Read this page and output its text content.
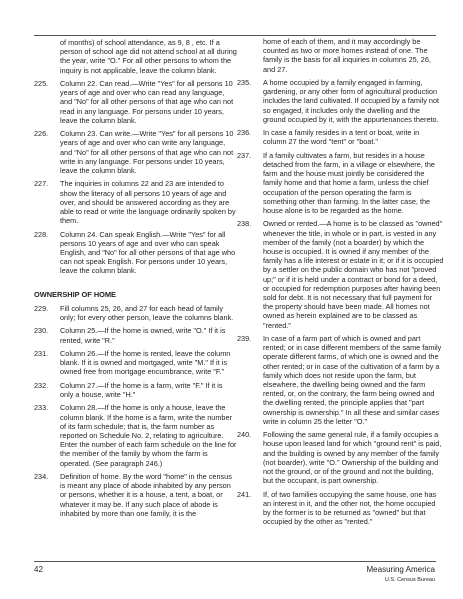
of months) of school attendance, as 9, 8 , etc. If a person of school age did not attend school at all during the year, write "O." For all other persons to whom the inquiry is not applicable, leave the column blank.

225. Column 22. Can read.—Write "Yes" for all persons 10 years of age and over who can read any language, and "No" for all other persons of that age who can not read in any language. For persons under 10 years, leave the column blank.
226. Column 23. Can write.—Write "Yes" for all persons 10 years of age and over who can write any language, and "No" for all other persons of that age who can not write in any language. For persons under 10 years, leave the column blank.
227. The inquiries in columns 22 and 23 are intended to show the literacy of all persons 10 years of age and over, and should be answered according as they are able to read or write the language ordinarily spoken by them.
228. Column 24. Can speak English.—Write "Yes" for all persons 10 years of age and over who can speak English, and "No" for all other persons of that age who can not speak English. For persons under 10 years, leave the column blank.
OWNERSHIP OF HOME
229. Fill columns 25, 26, and 27 for each head of family only; for every other person, leave the columns blank.
230. Column 25.—If the home is owned, write "O." If it is rented, write "R."
231. Column 26.—If the home is rented, leave the column blank. If it is owned and mortgaged, write "M." If it is owned free from mortgage encumbrance, write "F."
232. Column 27.—If the home is a farm, write "F." If it is only a house, write "H."
233. Column 28.—If the home is only a house, leave the column blank. If the home is a farm, write the number of its farm schedule; that is, the farm number as reported on Schedule No. 2, relating to agriculture. Enter the number of each farm schedule on the line for the member of the family by whom the farm is operated. (See paragraph 246.)
234. Definition of home. By the word "home" in the census is meant any place of abode inhabited by any person or persons, whether it is a house, a tent, a boat, or whatever it may be. If any such place of abode is inhabited by more than one family, it is the

home of each of them, and it may accordingly be counted as two or more homes instead of one. The family is the basis for all inquiries in columns 25, 26, and 27.

235. A home occupied by a family engaged in farming, gardening, or any other form of agricultural production includes the land cultivated. If occupied by a family not so engaged, it includes only the dwelling and the ground occupied by it, with the appurtenances thereto.
236. In case a family resides in a tent or boat, write in column 27 the word "tent" or "boat."
237. If a family cultivates a farm, but resides in a house detached from the farm, in a village or elsewhere, the farm and the house must jointly be considered the family home and that home a farm, unless the chief occupation of the person operating the farm is something other than farming. In the latter case, the house alone is to be regarded as the home.
238. Owned or rented.—A home is to be classed as "owned" whenever the title, in whole or in part, is vested in any member of the family (not a boarder) by which the house is occupied. It is owned if any member of the family has a life interest or estate in it; or if it is occupied by a settler on the public domain who has not "proved up;" or if it is held under a contract or bond for a deed, or occupied for redemption purposes after having been sold for debt. It is not necessary that full payment for the property should have been made. All homes not owned as herein explained are to be classed as "rented."
239. In case of a farm part of which is owned and part rented; or in case different members of the same family operate different farms, of which one is owned and the other rented; or in case of the cultivation of a farm by a family which does not reside upon the farm, but elsewhere, the dwelling being owned and the farm rented, or, on the contrary, the farm being owned and the dwelling rented, the principle applies that "part ownership is ownership." In all these and similar cases write in column 25 the letter "O."
240. Following the same general rule, if a family occupies a house upon leased land for which "ground rent" is paid, and the building is owned by any member of the family (not boarder), write "O." Ownership of the building and not the ground, or of the ground and not the building, but the occupant, is part ownership.
241. If, of two families occupying the same house, one has an interest in it, and the other not, the home occupied by the former is to be returned as "owned" but that occupied by the other as "rented."
42	Measuring America
U.S. Census Bureau
